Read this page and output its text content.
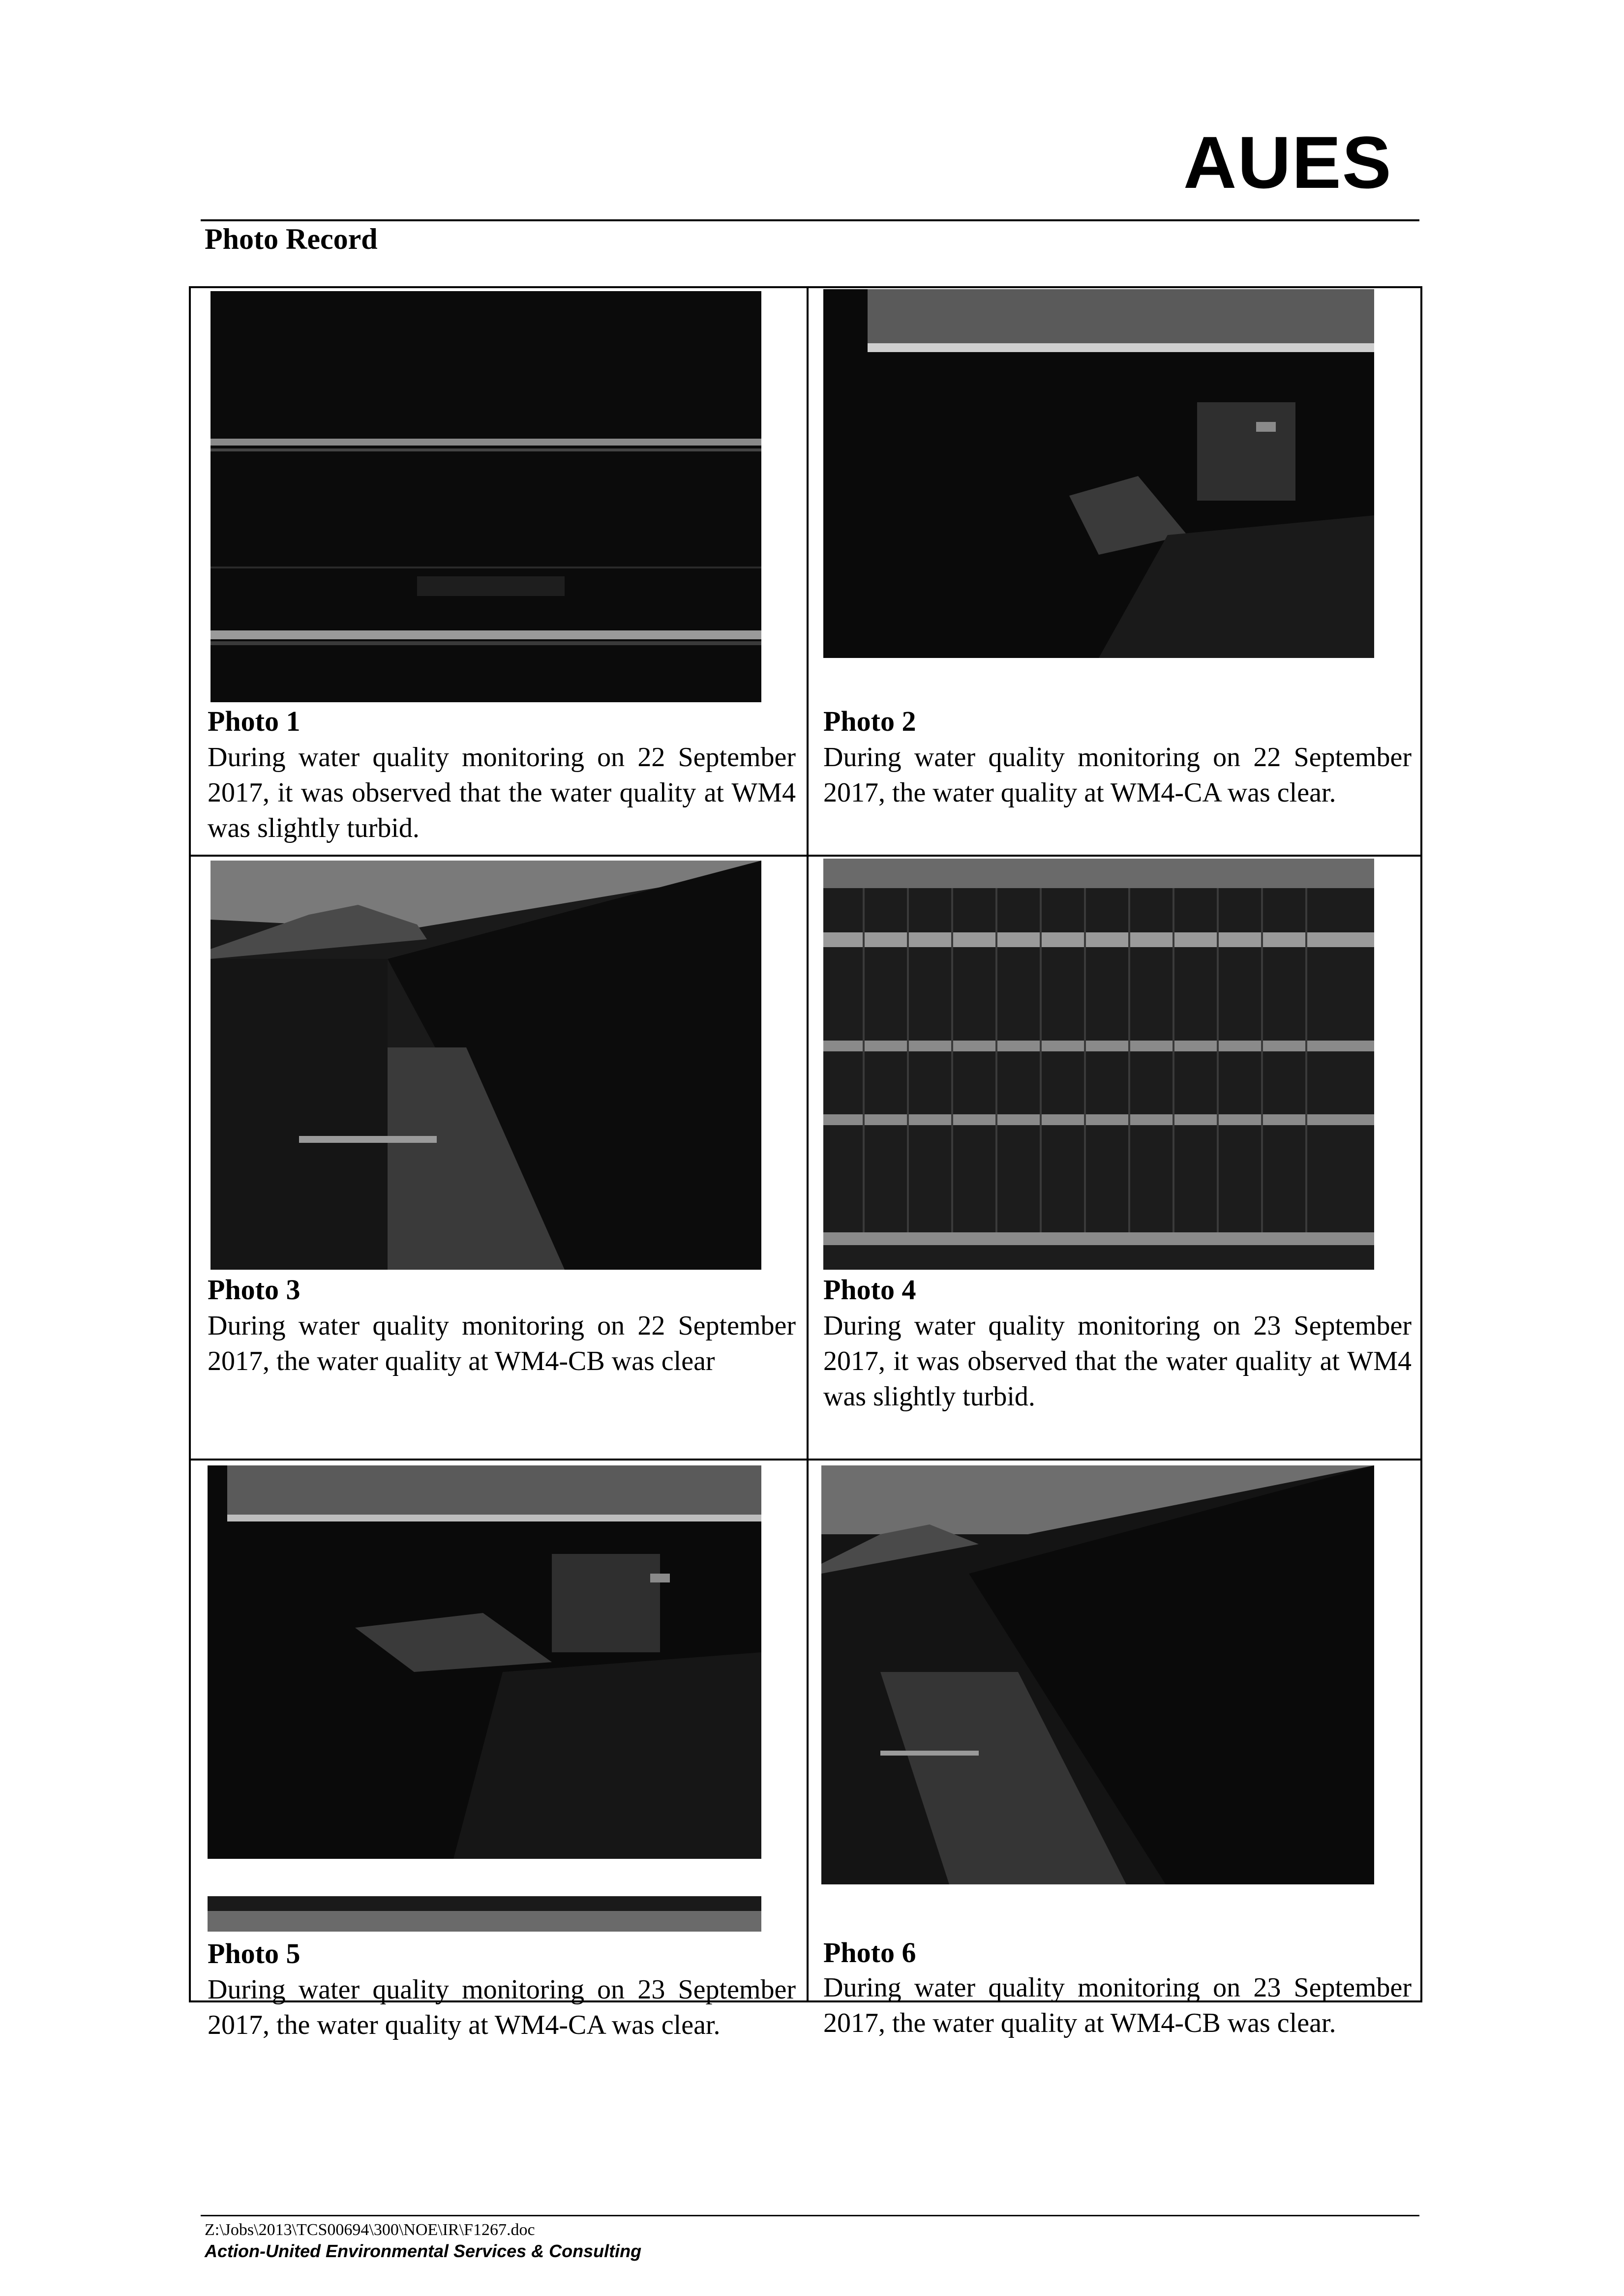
AUES
Photo Record
Photo 1
During water quality monitoring on 22 September 2017, it was observed that the water quality at WM4 was slightly turbid.
Photo 2
During water quality monitoring on 22 September 2017, the water quality at WM4-CA was clear.
Photo 3
During water quality monitoring on 22 September 2017, the water quality at WM4-CB was clear
Photo 4
During water quality monitoring on 23 September 2017, it was observed that the water quality at WM4 was slightly turbid.
Photo 5
During water quality monitoring on 23 September 2017, the water quality at WM4-CA was clear.
Photo 6
During water quality monitoring on 23 September 2017, the water quality at WM4-CB was clear.
Z:\Jobs\2013\TCS00694\300\NOE\IR\F1267.doc
Action-United Environmental Services & Consulting
